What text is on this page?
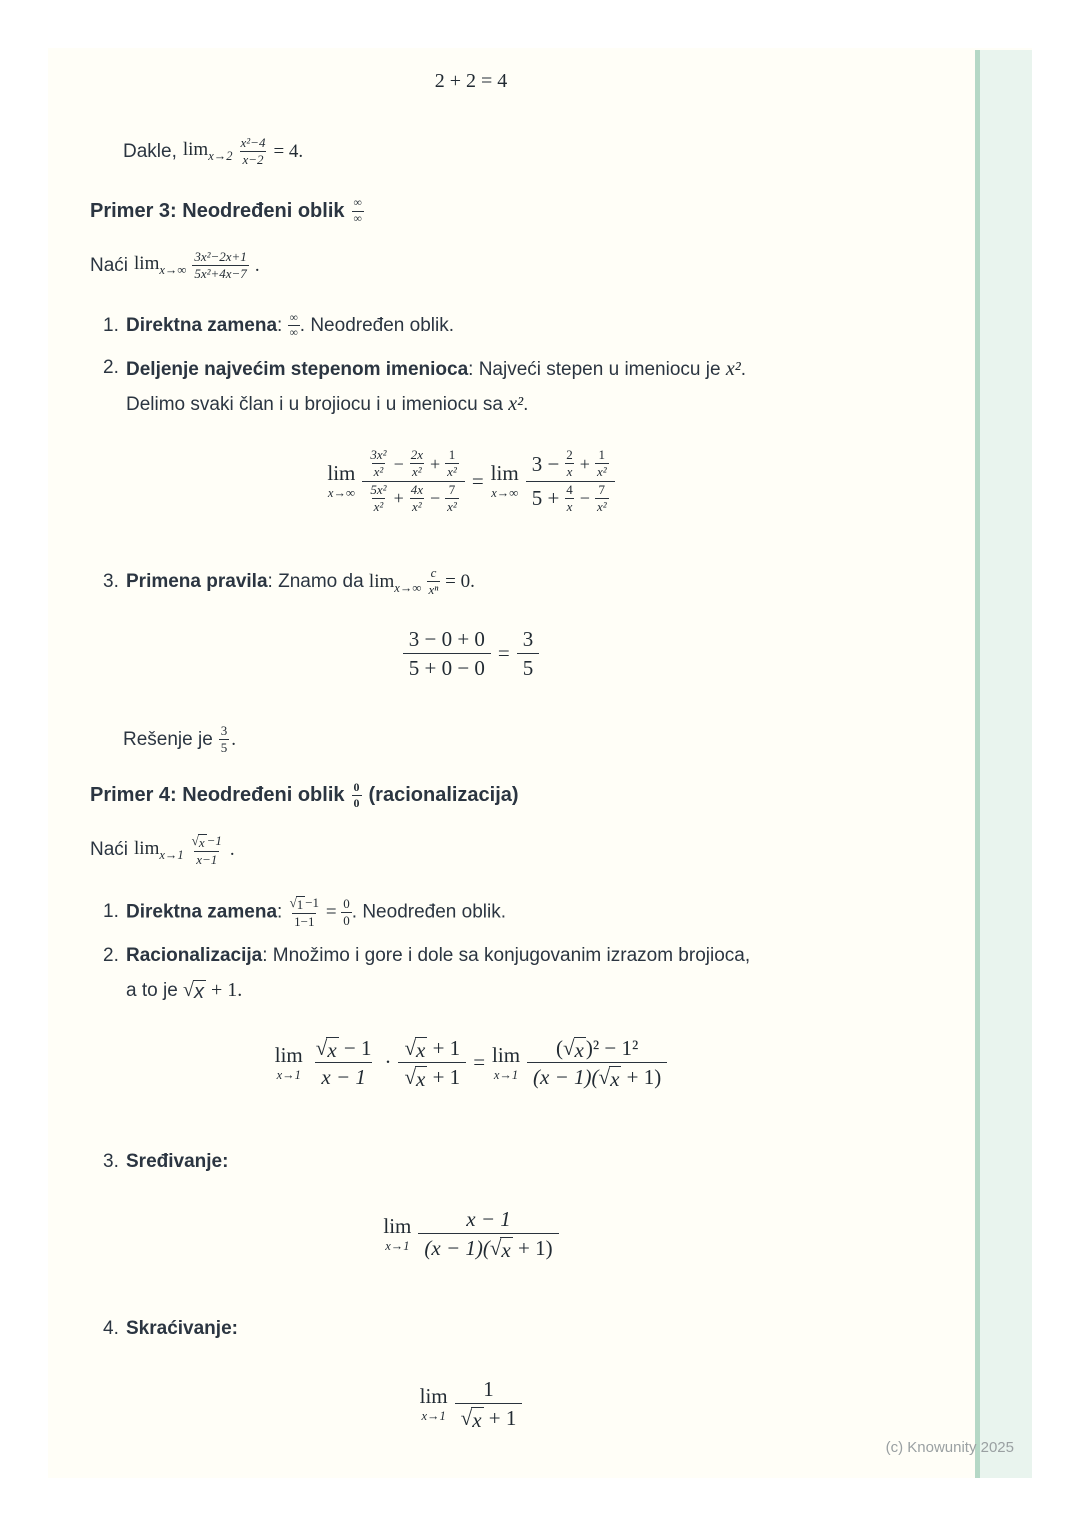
2 + 2 = 4
Dakle, $\lim_{x\to 2} \frac{\text{x²−4}}{x-2} = 4$.
Primer 3: Neodređeni oblik ∞
∞
Naći $\lim_{x\to\infty} \frac{\text{3x²−2x+1}}{\text{5x²+4x−7}}$ .
1. Direktna zamena: ∞
∞ . Neodređen oblik.
2. Deljenje najvećim stepenom imenioca: Najveći stepen u imeniocu je x².
Delimo svaki član i u brojiocu i u imeniocu sa x².
lim
$x\to\infty \frac{\frac{\text{3x²}}{\text{x²}} - \frac{2x}{\text{x²}} + \frac{1}{\text{x²}}}{\frac{\text{5x²}}{\text{x²}} + \frac{4x}{\text{x²}} - \frac{7}{\text{x²}}} = \lim$
$x\to\infty \frac{3 - \frac{2}{x} + \frac{1}{\text{x²}}}{5 + \frac{4}{x} - \frac{7}{\text{x²}}}$
3. Primena pravila: Znamo da $\lim_{x\to\infty} \frac{c}{\text{xⁿ}} = 0$.
$\frac{3 - 0 + 0}{5 + 0 - 0} = \frac{3}{5}$
Rešenje je $\frac{3}{5}$ .
Primer 4: Neodređeni oblik $\frac{0}{0}$ (racionalizacija)
Naći $\lim_{x\to 1} \frac{√ x -1}{x-1}$ .
1. Direktna zamena: $\frac{√ 1 -1}{1-1} = \frac{0}{0}$ . Neodređen oblik.
2. Racionalizacija: Množimo i gore i dole sa konjugovanim izrazom brojioca,
a to je √ x + 1.
lim
$x\to 1 \frac{√ x - 1}{x - 1} \cdot \frac{√ x + 1}{√ x + 1} = \lim$
$x\to 1 \frac{\text{( √ x )² − 1²}}{(x - 1)( √ x + 1)}$
3. Sređivanje:
lim
$x\to 1 \frac{x - 1}{(x - 1)( √ x + 1)}$
4. Skraćivanje:
lim
$x\to 1 \frac{1}{√ x + 1}$
(c) Knowunity 2025
